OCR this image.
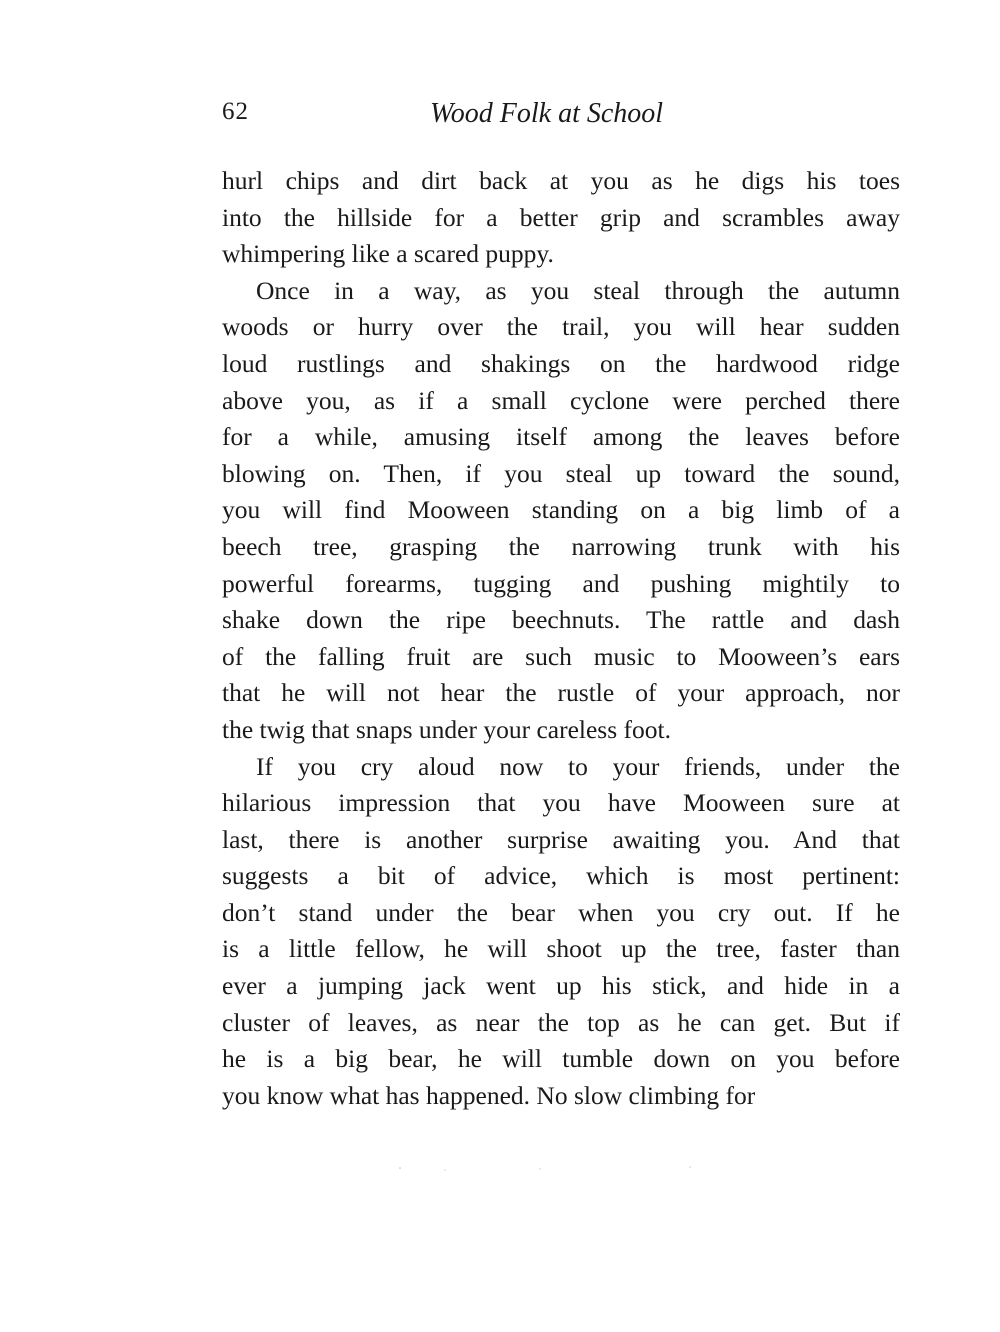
62	Wood Folk at School
hurl chips and dirt back at you as he digs his toes
into the hillside for a better grip and scrambles away
whimpering like a scared puppy.
Once in a way, as you steal through the autumn
woods or hurry over the trail, you will hear sudden
loud rustlings and shakings on the hardwood ridge
above you, as if a small cyclone were perched there
for a while, amusing itself among the leaves before
blowing on. Then, if you steal up toward the sound,
you will find Mooween standing on a big limb of a
beech tree, grasping the narrowing trunk with his
powerful forearms, tugging and pushing mightily to
shake down the ripe beechnuts. The rattle and dash
of the falling fruit are such music to Mooween’s ears
that he will not hear the rustle of your approach, nor
the twig that snaps under your careless foot.
If you cry aloud now to your friends, under the
hilarious impression that you have Mooween sure at
last, there is another surprise awaiting you. And that
suggests a bit of advice, which is most pertinent:
don’t stand under the bear when you cry out. If he
is a little fellow, he will shoot up the tree, faster than
ever a jumping jack went up his stick, and hide in a
cluster of leaves, as near the top as he can get. But if
he is a big bear, he will tumble down on you before
you know what has happened. No slow climbing for
